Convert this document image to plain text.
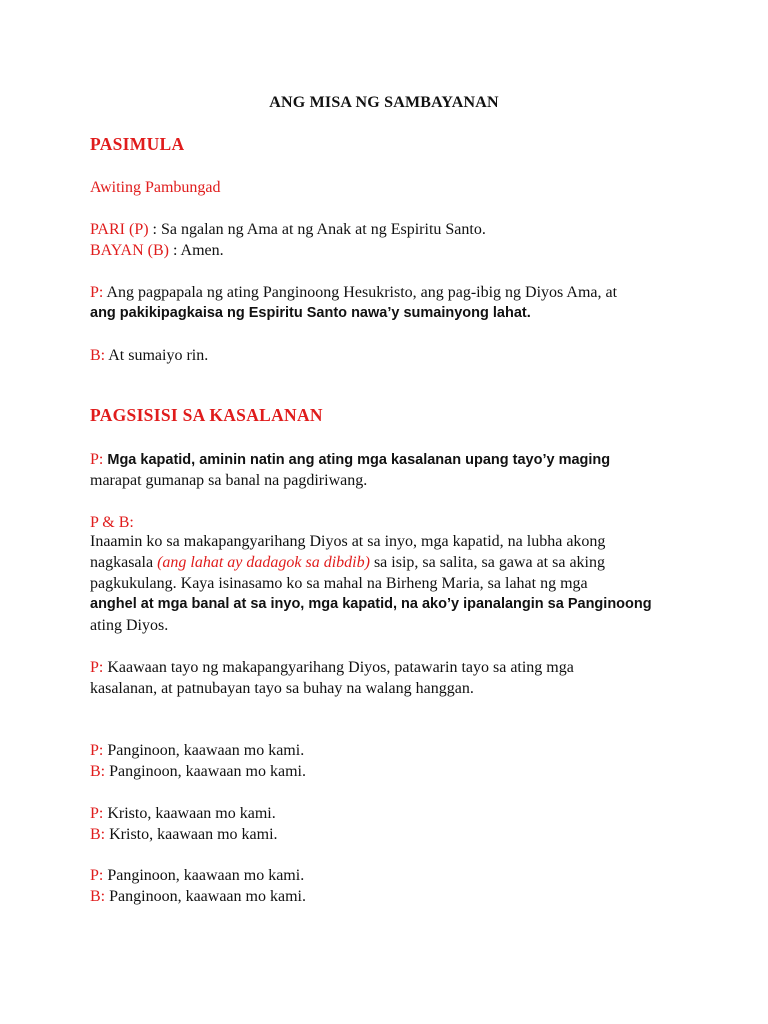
ANG MISA NG SAMBAYANAN
PASIMULA
Awiting Pambungad
PARI (P) : Sa ngalan ng Ama at ng Anak at ng Espiritu Santo.
BAYAN (B) : Amen.
P: Ang pagpapala ng ating Panginoong Hesukristo, ang pag-ibig ng Diyos Ama, at
ang pakikipagkaisa ng Espiritu Santo nawa’y sumainyong lahat.
B: At sumaiyo rin.
PAGSISISI SA KASALANAN
P: Mga kapatid, aminin natin ang ating mga kasalanan upang tayo’y maging
marapat gumanap sa banal na pagdiriwang.
P & B:
Inaamin ko sa makapangyarihang Diyos at sa inyo, mga kapatid, na lubha akong
nagkasala (ang lahat ay dadagok sa dibdib) sa isip, sa salita, sa gawa at sa aking
pagkukulang. Kaya isinasamo ko sa mahal na Birheng Maria, sa lahat ng mga
anghel at mga banal at sa inyo, mga kapatid, na ako’y ipanalangin sa Panginoong
ating Diyos.
P: Kaawaan tayo ng makapangyarihang Diyos, patawarin tayo sa ating mga
kasalanan, at patnubayan tayo sa buhay na walang hanggan.
P: Panginoon, kaawaan mo kami.
B: Panginoon, kaawaan mo kami.
P: Kristo, kaawaan mo kami.
B: Kristo, kaawaan mo kami.
P: Panginoon, kaawaan mo kami.
B: Panginoon, kaawaan mo kami.
